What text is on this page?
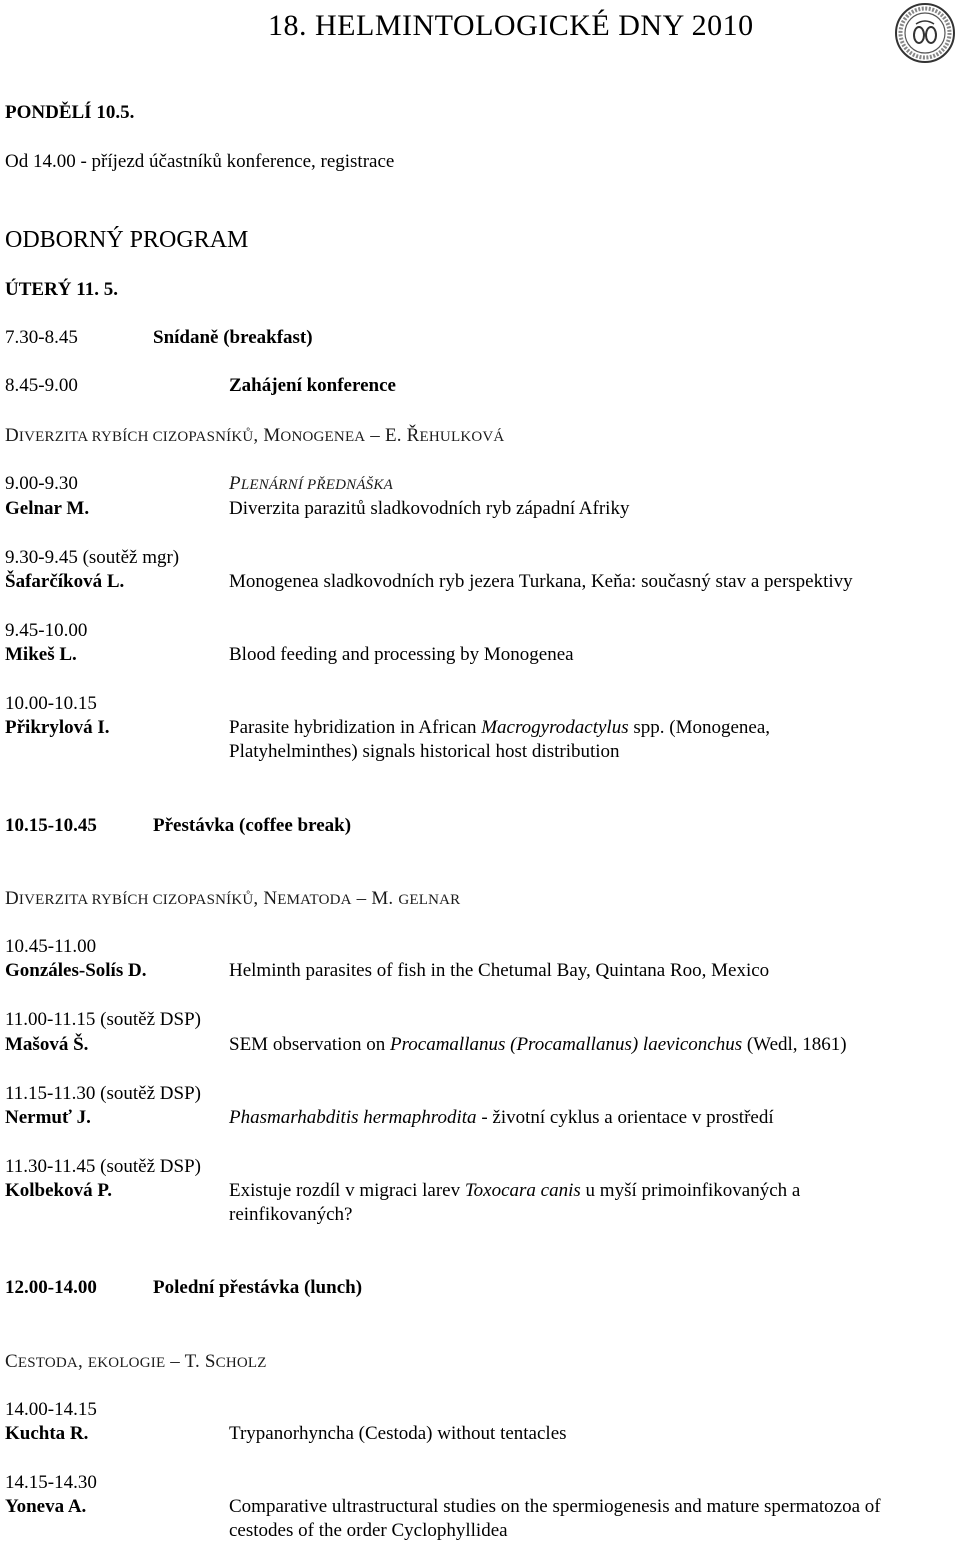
18. HELMINTOLOGICKÉ DNY 2010
PONDĚLÍ 10.5.
Od 14.00 - příjezd účastníků konference, registrace
ODBORNÝ PROGRAM
ÚTERÝ 11. 5.
7.30-8.45	Snídaně (breakfast)
8.45-9.00	Zahájení konference
DIVERZITA RYBÍCH CIZOPASNÍKŮ, MONOGENEA – E. ŘEHULKOVÁ
9.00-9.30	PLENÁRNÍ PŘEDNÁŠKA
Gelnar M.	Diverzita parazitů sladkovodních ryb západní Afriky
9.30-9.45 (soutěž mgr)
Šafarčíková L.	Monogenea sladkovodních ryb jezera Turkana, Keňa: současný stav a perspektivy
9.45-10.00
Mikeš L.	Blood feeding and processing by Monogenea
10.00-10.15
Přikrylová I.	Parasite hybridization in African Macrogyrodactylus spp. (Monogenea,
Platyhelminthes) signals historical host distribution
10.15-10.45	Přestávka (coffee break)
DIVERZITA RYBÍCH CIZOPASNÍKŮ, NEMATODA – M. GELNAR
10.45-11.00
Gonzáles-Solís D.	Helminth parasites of fish in the Chetumal Bay, Quintana Roo, Mexico
11.00-11.15 (soutěž DSP)
Mašová Š.	SEM observation on Procamallanus (Procamallanus) laeviconchus (Wedl, 1861)
11.15-11.30 (soutěž DSP)
Nermuť J.	Phasmarhabditis hermaphrodita - životní cyklus a orientace v prostředí
11.30-11.45 (soutěž DSP)
Kolbeková P.	Existuje rozdíl v migraci larev Toxocara canis u myší primoinfikovaných a
reinfikovaných?
12.00-14.00	Polední přestávka (lunch)
CESTODA, EKOLOGIE – T. SCHOLZ
14.00-14.15
Kuchta R.	Trypanorhyncha (Cestoda) without tentacles
14.15-14.30
Yoneva A.	Comparative ultrastructural studies on the spermiogenesis and mature spermatozoa of
cestodes of the order Cyclophyllidea
